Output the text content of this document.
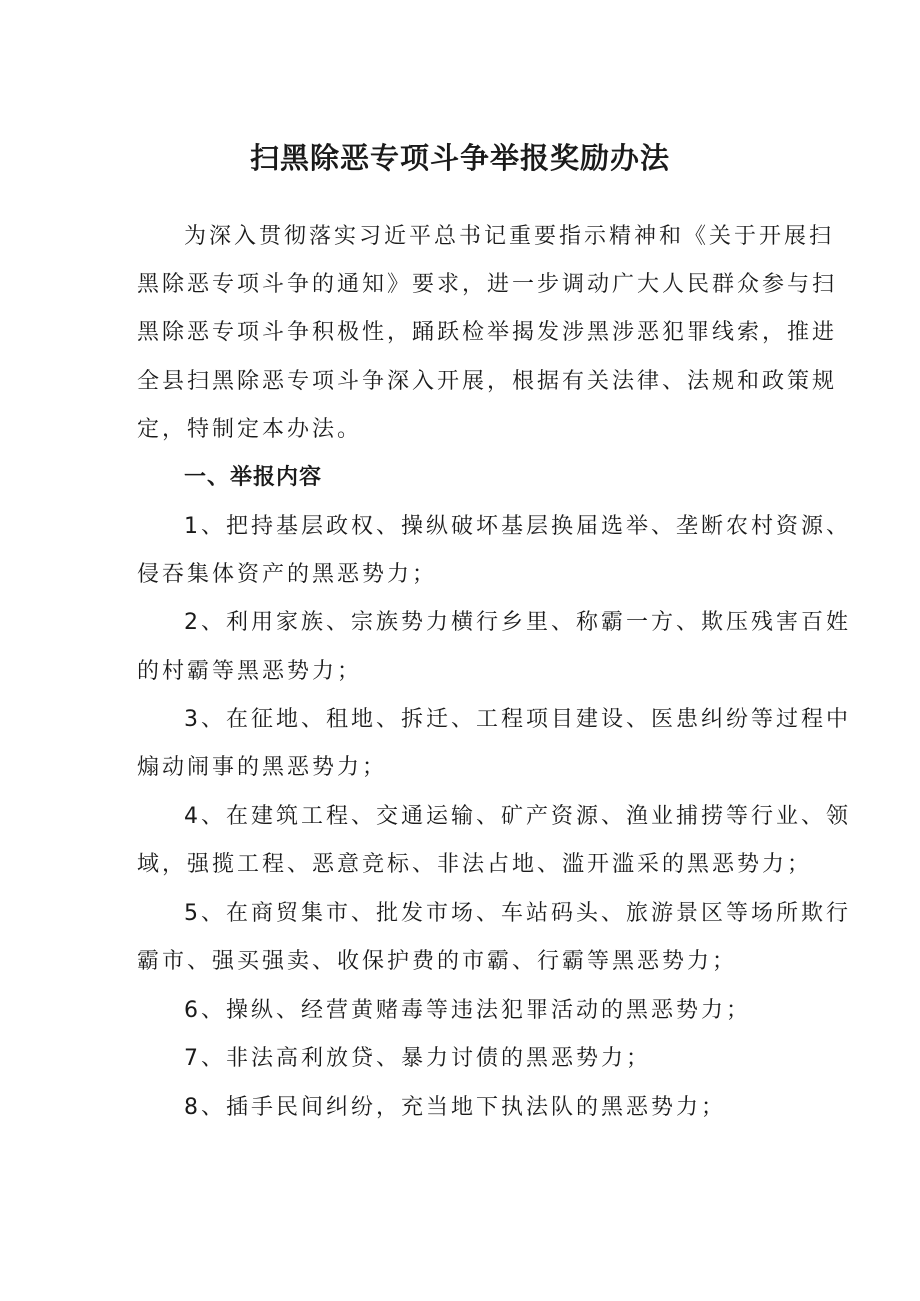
扫黑除恶专项斗争举报奖励办法
为深入贯彻落实习近平总书记重要指示精神和《关于开展扫
黑除恶专项斗争的通知》要求，进一步调动广大人民群众参与扫
黑除恶专项斗争积极性，踊跃检举揭发涉黑涉恶犯罪线索，推进
全县扫黑除恶专项斗争深入开展，根据有关法律、法规和政策规
定，特制定本办法。
一、举报内容
1、把持基层政权、操纵破坏基层换届选举、垄断农村资源、
侵吞集体资产的黑恶势力；
2、利用家族、宗族势力横行乡里、称霸一方、欺压残害百姓
的村霸等黑恶势力；
3、在征地、租地、拆迁、工程项目建设、医患纠纷等过程中
煽动闹事的黑恶势力；
4、在建筑工程、交通运输、矿产资源、渔业捕捞等行业、领
域，强揽工程、恶意竞标、非法占地、滥开滥采的黑恶势力；
5、在商贸集市、批发市场、车站码头、旅游景区等场所欺行
霸市、强买强卖、收保护费的市霸、行霸等黑恶势力；
6、操纵、经营黄赌毒等违法犯罪活动的黑恶势力；
7、非法高利放贷、暴力讨债的黑恶势力；
8、插手民间纠纷，充当地下执法队的黑恶势力；
